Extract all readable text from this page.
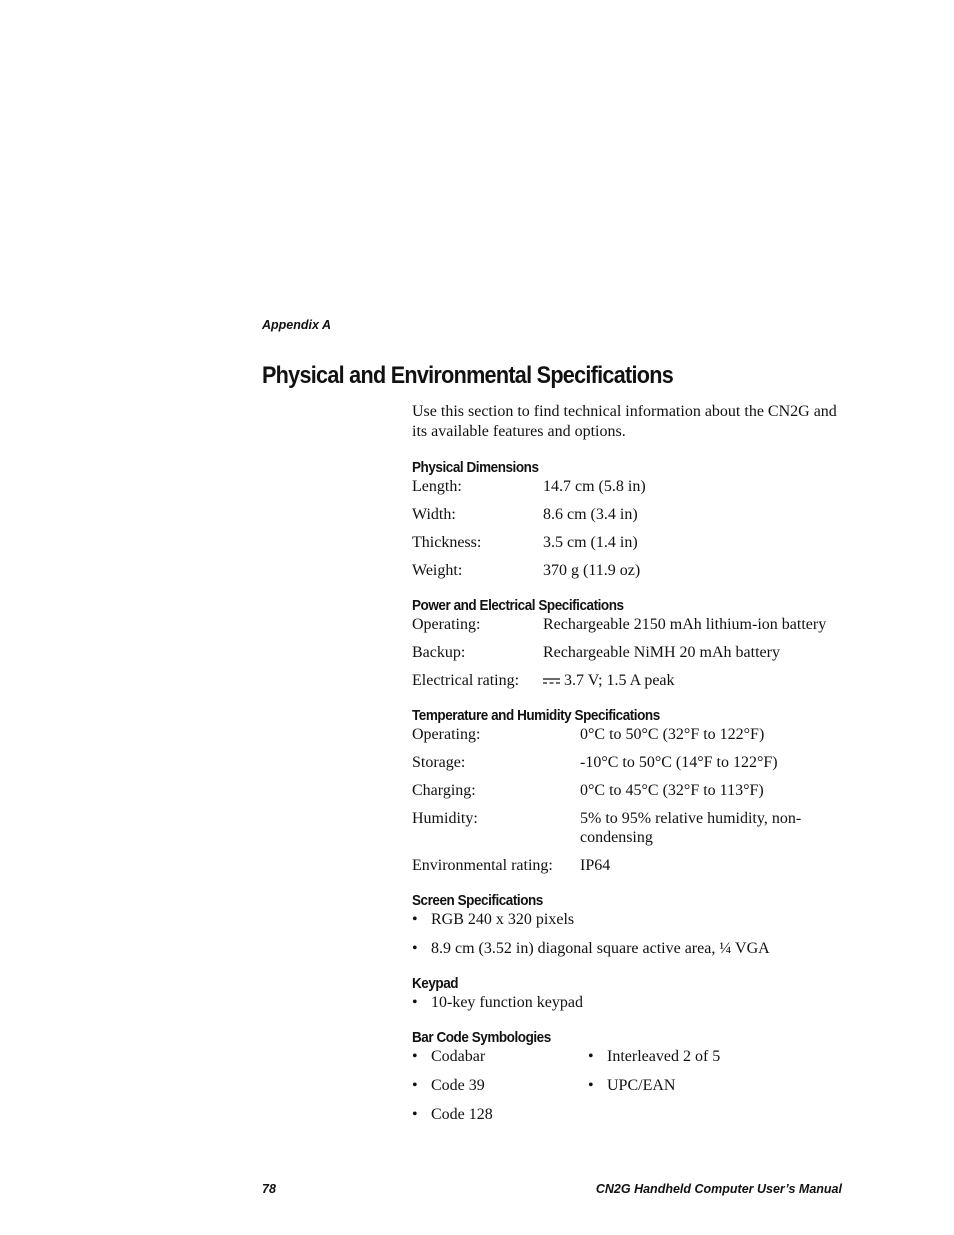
Appendix A
Physical and Environmental Specifications

Use this section to find technical information about the CN2G and its available features and options.

Physical Dimensions
Length:	14.7 cm (5.8 in)
Width:	8.6 cm (3.4 in)
Thickness:	3.5 cm (1.4 in)
Weight:	370 g (11.9 oz)
Power and Electrical Specifications
Operating:	Rechargeable 2150 mAh lithium-ion battery
Backup:	Rechargeable NiMH 20 mAh battery
Electrical rating:	3.7 V; 1.5 A peak
Temperature and Humidity Specifications
Operating:	0°C to 50°C (32°F to 122°F)
Storage:	-10°C to 50°C (14°F to 122°F)
Charging:	0°C to 45°C (32°F to 113°F)
Humidity:	5% to 95% relative humidity, non-condensing
Environmental rating:	IP64
Screen Specifications
• RGB 240 x 320 pixels
• 8.9 cm (3.52 in) diagonal square active area, ¼ VGA
Keypad
• 10-key function keypad
Bar Code Symbologies
• Codabar
• Code 39
• Code 128
• Interleaved 2 of 5
• UPC/EAN
78	CN2G Handheld Computer User’s Manual
